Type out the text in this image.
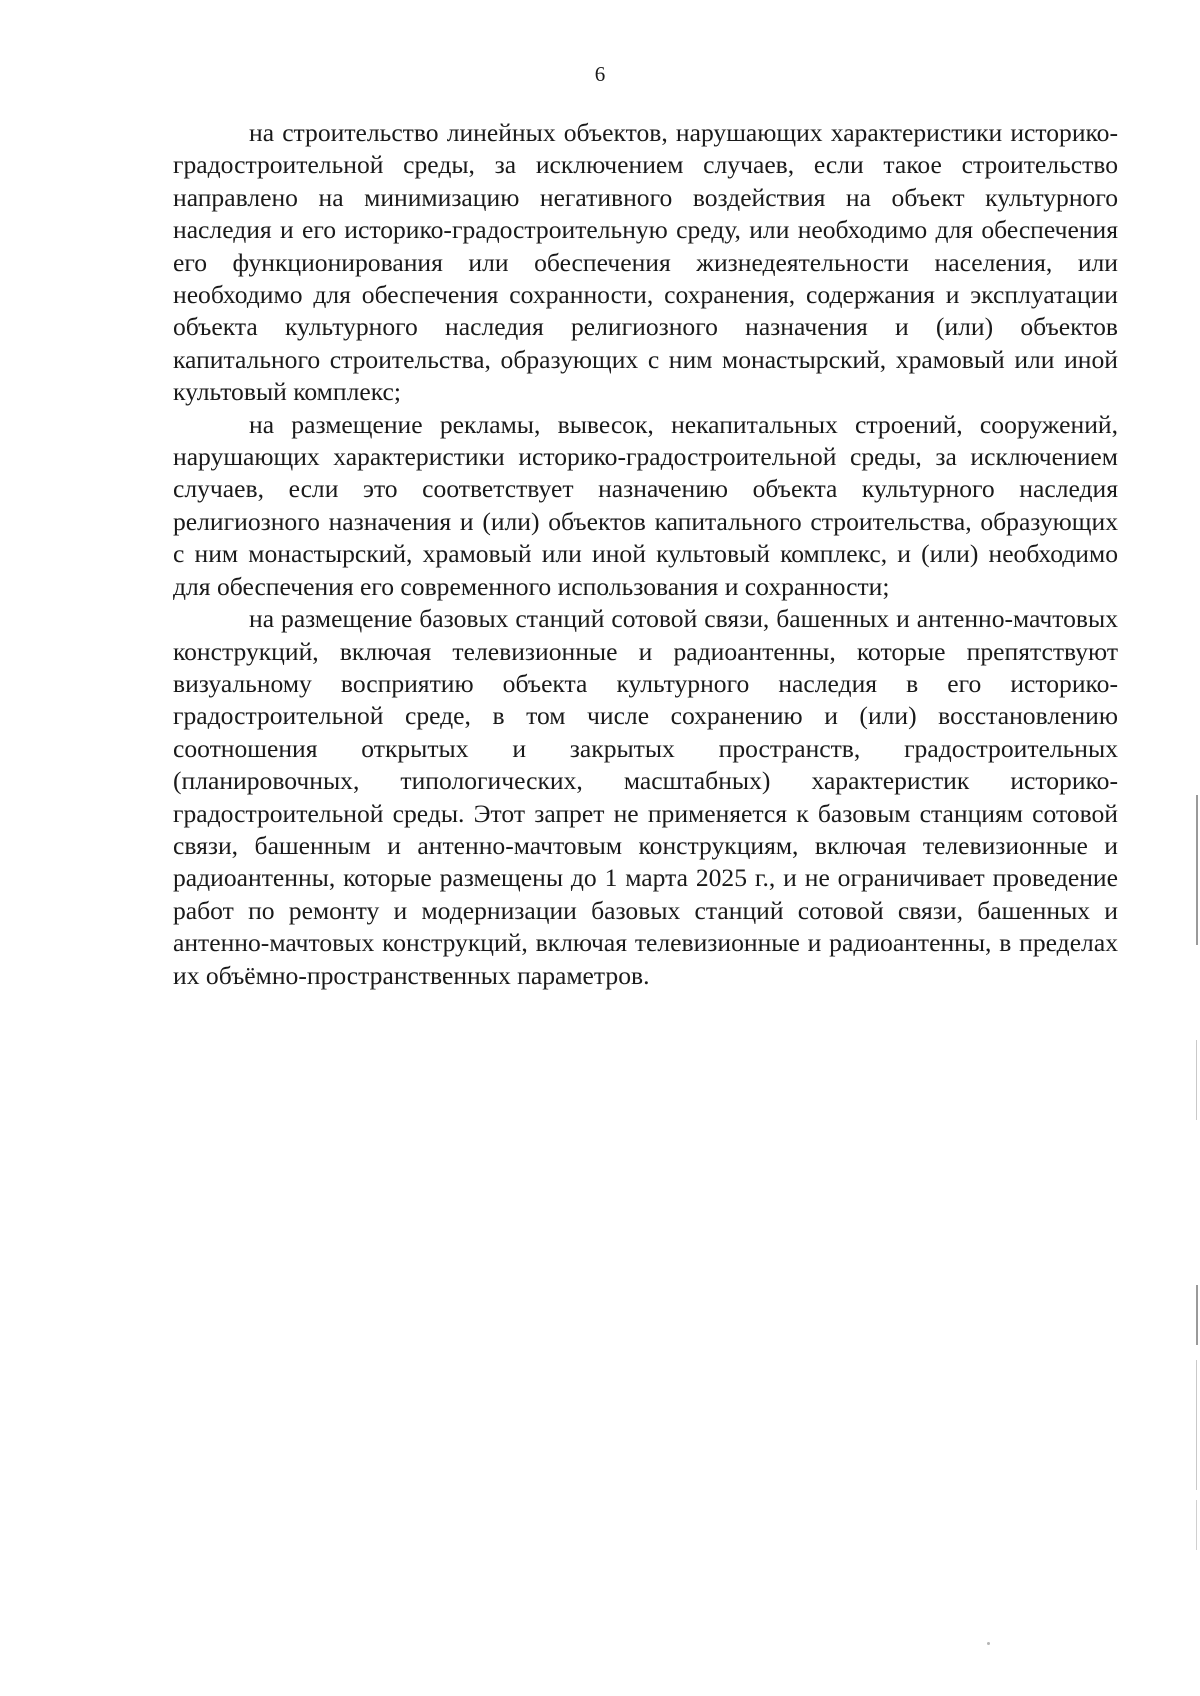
6

на строительство линейных объектов, нарушающих характеристики историко-градостроительной среды, за исключением случаев, если такое строительство направлено на минимизацию негативного воздействия на объект культурного наследия и его историко-градостроительную среду, или необходимо для обеспечения его функционирования или обеспечения жизнедеятельности населения, или необходимо для обеспечения сохранности, сохранения, содержания и эксплуатации объекта культурного наследия религиозного назначения и (или) объектов капитального строительства, образующих с ним монастырский, храмовый или иной культовый комплекс;

на размещение рекламы, вывесок, некапитальных строений, сооружений, нарушающих характеристики историко-градостроительной среды, за исключением случаев, если это соответствует назначению объекта культурного наследия религиозного назначения и (или) объектов капитального строительства, образующих с ним монастырский, храмовый или иной культовый комплекс, и (или) необходимо для обеспечения его современного использования и сохранности;

на размещение базовых станций сотовой связи, башенных и антенно-мачтовых конструкций, включая телевизионные и радиоантенны, которые препятствуют визуальному восприятию объекта культурного наследия в его историко-градостроительной среде, в том числе сохранению и (или) восстановлению соотношения открытых и закрытых пространств, градостроительных (планировочных, типологических, масштабных) характеристик историко-градостроительной среды. Этот запрет не применяется к базовым станциям сотовой связи, башенным и антенно-мачтовым конструкциям, включая телевизионные и радиоантенны, которые размещены до 1 марта 2025 г., и не ограничивает проведение работ по ремонту и модернизации базовых станций сотовой связи, башенных и антенно-мачтовых конструкций, включая телевизионные и радиоантенны, в пределах их объёмно-пространственных параметров.
